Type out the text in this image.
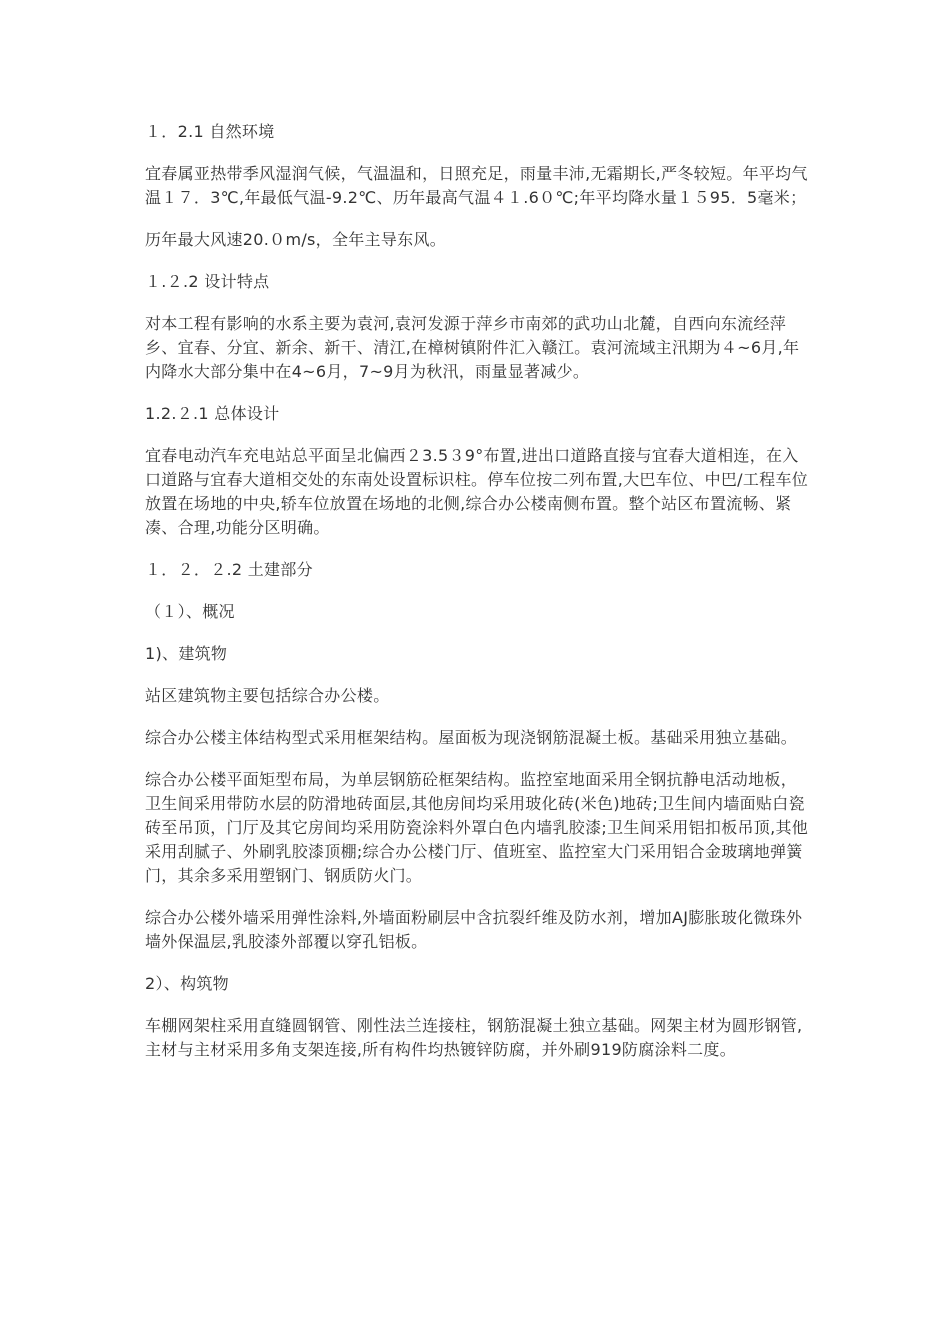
１．2.1 自然环境
宜春属亚热带季风湿润气候，气温温和，日照充足，雨量丰沛,无霜期长,严冬较短。年平均气温１７．3℃,年最低气温-9.2℃、历年最高气温４１.6０℃;年平均降水量１５95．5毫米；
历年最大风速20.０m/s，全年主导东风。
１.２.2 设计特点
对本工程有影响的水系主要为袁河,袁河发源于萍乡市南郊的武功山北麓，自西向东流经萍乡、宜春、分宜、新余、新干、清江,在樟树镇附件汇入赣江。袁河流域主汛期为４~6月,年内降水大部分集中在4~6月，7~9月为秋汛，雨量显著减少。
1.2.２.1 总体设计
宜春电动汽车充电站总平面呈北偏西２3.5３9°布置,进出口道路直接与宜春大道相连，在入口道路与宜春大道相交处的东南处设置标识柱。停车位按二列布置,大巴车位、中巴/工程车位放置在场地的中央,轿车位放置在场地的北侧,综合办公楼南侧布置。整个站区布置流畅、紧凑、合理,功能分区明确。
１．２．２.2 土建部分
（１）、概况
1)、建筑物
站区建筑物主要包括综合办公楼。
综合办公楼主体结构型式采用框架结构。屋面板为现浇钢筋混凝土板。基础采用独立基础。
综合办公楼平面矩型布局，为单层钢筋砼框架结构。监控室地面采用全钢抗静电活动地板，卫生间采用带防水层的防滑地砖面层,其他房间均采用玻化砖(米色)地砖;卫生间内墙面贴白瓷砖至吊顶，门厅及其它房间均采用防瓷涂料外罩白色内墙乳胶漆;卫生间采用铝扣板吊顶,其他采用刮腻子、外刷乳胶漆顶棚;综合办公楼门厅、值班室、监控室大门采用铝合金玻璃地弹簧门，其余多采用塑钢门、钢质防火门。
综合办公楼外墙采用弹性涂料,外墙面粉刷层中含抗裂纤维及防水剂，增加AJ膨胀玻化微珠外墙外保温层,乳胶漆外部覆以穿孔铝板。
2）、构筑物
车棚网架柱采用直缝圆钢管、刚性法兰连接柱，钢筋混凝土独立基础。网架主材为圆形钢管,主材与主材采用多角支架连接,所有构件均热镀锌防腐，并外刷919防腐涂料二度。
